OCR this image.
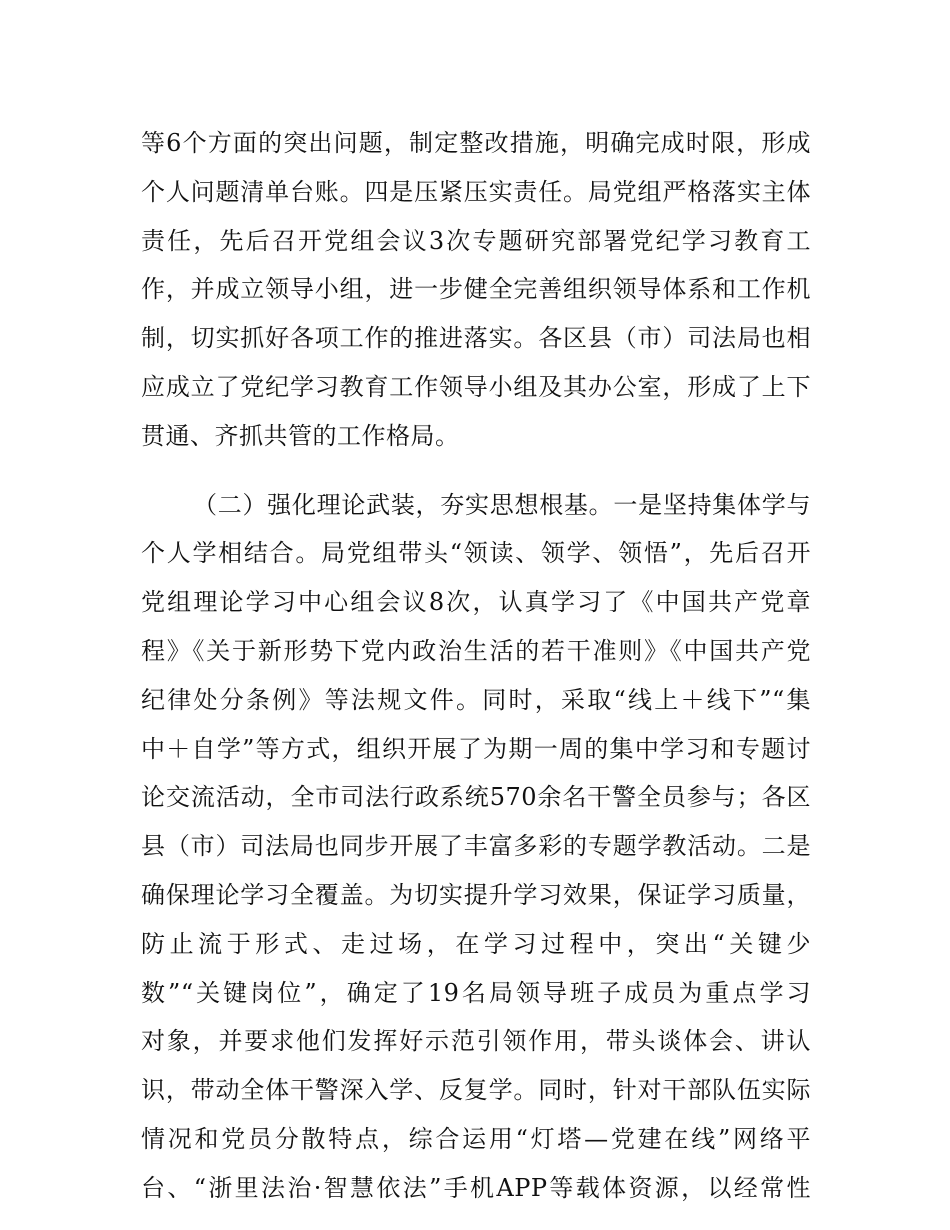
等6个方面的突出问题，制定整改措施，明确完成时限，形成
个人问题清单台账。四是压紧压实责任。局党组严格落实主体
责任，先后召开党组会议3次专题研究部署党纪学习教育工
作，并成立领导小组，进一步健全完善组织领导体系和工作机
制，切实抓好各项工作的推进落实。各区县（市）司法局也相
应成立了党纪学习教育工作领导小组及其办公室，形成了上下
贯通、齐抓共管的工作格局。
（二）强化理论武装，夯实思想根基。一是坚持集体学与
个人学相结合。局党组带头“领读、领学、领悟”，先后召开
党组理论学习中心组会议8次，认真学习了《中国共产党章
程》《关于新形势下党内政治生活的若干准则》《中国共产党
纪律处分条例》等法规文件。同时，采取“线上＋线下”“集
中＋自学”等方式，组织开展了为期一周的集中学习和专题讨
论交流活动，全市司法行政系统570余名干警全员参与；各区
县（市）司法局也同步开展了丰富多彩的专题学教活动。二是
确保理论学习全覆盖。为切实提升学习效果，保证学习质量，
防止流于形式、走过场，在学习过程中，突出“关键少
数”“关键岗位”，确定了19名局领导班子成员为重点学习
对象，并要求他们发挥好示范引领作用，带头谈体会、讲认
识，带动全体干警深入学、反复学。同时，针对干部队伍实际
情况和党员分散特点，综合运用“灯塔—党建在线”网络平
台、“浙里法治·智慧依法”手机APP等载体资源，以经常性
